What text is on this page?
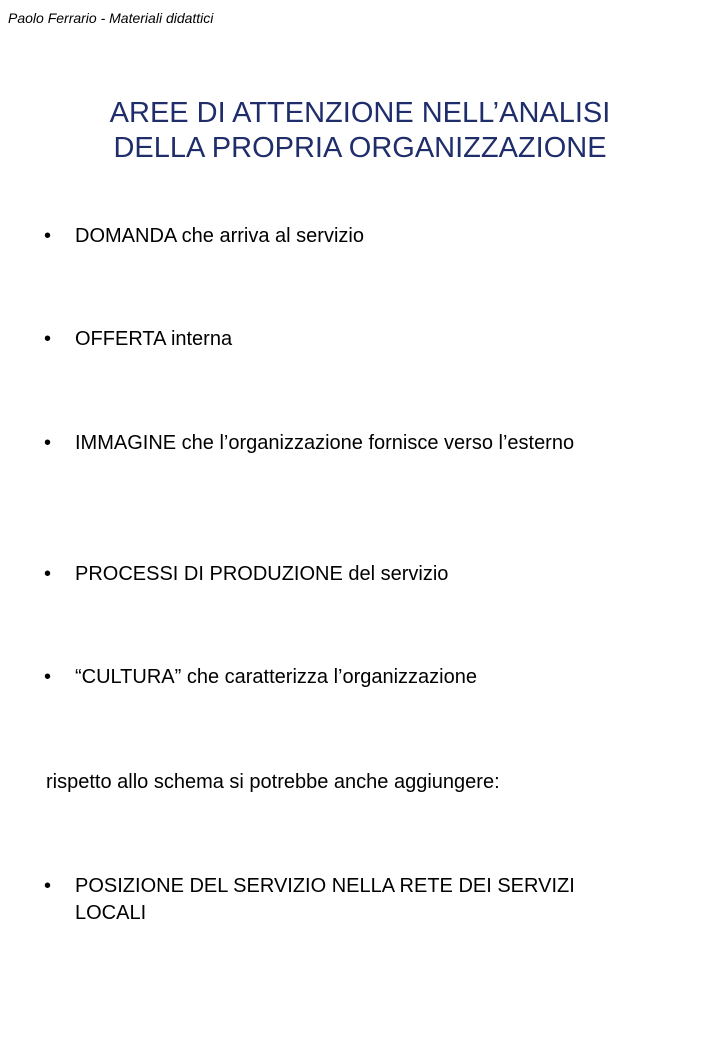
Paolo Ferrario - Materiali didattici
AREE DI ATTENZIONE NELL’ANALISI
DELLA PROPRIA ORGANIZZAZIONE
•	DOMANDA che arriva al servizio
•	OFFERTA interna
•	IMMAGINE che l’organizzazione fornisce verso l’esterno
•	PROCESSI DI PRODUZIONE del servizio
•	“CULTURA” che caratterizza l’organizzazione
rispetto allo schema si potrebbe anche aggiungere:
•	POSIZIONE DEL SERVIZIO NELLA RETE DEI SERVIZI LOCALI
